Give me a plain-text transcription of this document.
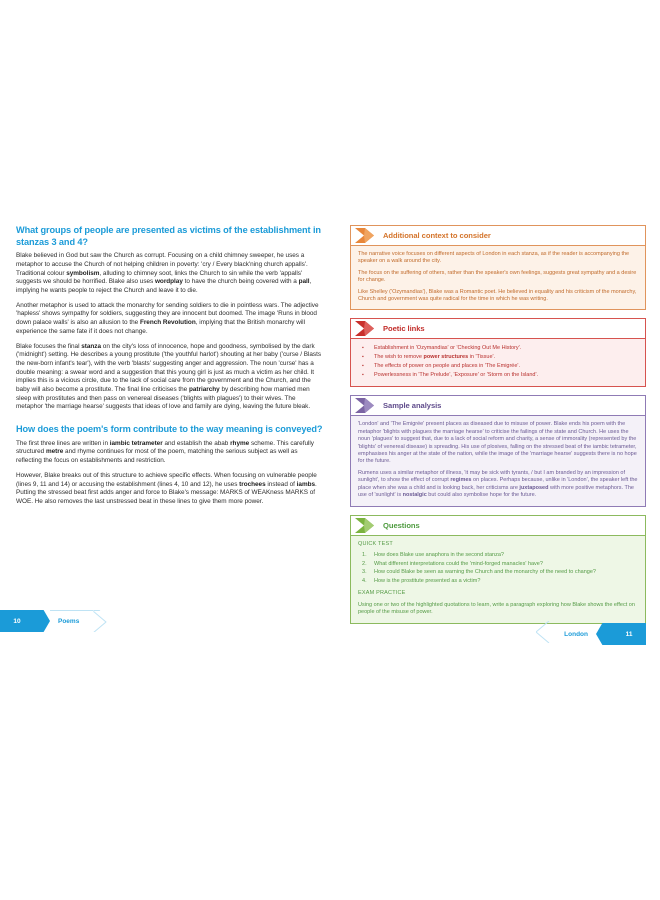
What groups of people are presented as victims of the establishment in stanzas 3 and 4?

Blake believed in God but saw the Church as corrupt. Focusing on a child chimney sweeper, he uses a metaphor to accuse the Church of not helping children in poverty: 'cry / Every black'ning church appalls'. Traditional colour symbolism, alluding to chimney soot, links the Church to sin while the verb 'appalls' suggests we should be horrified. Blake also uses wordplay to have the church being covered with a pall, implying he wants people to reject the Church and leave it to die.

Another metaphor is used to attack the monarchy for sending soldiers to die in pointless wars. The adjective 'hapless' shows sympathy for soldiers, suggesting they are innocent but doomed. The image 'Runs in blood down palace walls' is also an allusion to the French Revolution, implying that the British monarchy will experience the same fate if it does not change.

Blake focuses the final stanza on the city's loss of innocence, hope and goodness, symbolised by the dark ('midnight') setting. He describes a young prostitute ('the youthful harlot') shouting at her baby ('curse / Blasts the new-born infant's tear'), with the verb 'blasts' suggesting anger and aggression. The noun 'curse' has a double meaning: a swear word and a suggestion that this young girl is just as much a victim as her child. It implies this is a vicious circle, due to the lack of social care from the government and the Church, and the baby will also become a prostitute. The final line criticises the patriarchy by describing how married men sleep with prostitutes and then pass on venereal diseases ('blights with plagues') to their wives. The metaphor 'the marriage hearse' suggests that ideas of love and family are dying, leaving the future bleak.

How does the poem's form contribute to the way meaning is conveyed?

The first three lines are written in iambic tetrameter and establish the abab rhyme scheme. This carefully structured metre and rhyme continues for most of the poem, matching the serious subject as well as reflecting the focus on establishments and restriction.

However, Blake breaks out of this structure to achieve specific effects. When focusing on vulnerable people (lines 9, 11 and 14) or accusing the establishment (lines 4, 10 and 12), he uses trochees instead of iambs. Putting the stressed beat first adds anger and force to Blake's message: MARKS of WEAKness MARKS of WOE. He also removes the last unstressed beat in these lines to give them more power.

Additional context to consider

The narrative voice focuses on different aspects of London in each stanza, as if the reader is accompanying the speaker on a walk around the city.

The focus on the suffering of others, rather than the speaker's own feelings, suggests great sympathy and a desire for change.

Like Shelley ('Ozymandias'), Blake was a Romantic poet. He believed in equality and his criticism of the monarchy, Church and government was quite radical for the time in which he was writing.

Poetic links
▪ Establishment in 'Ozymandias' or 'Checking Out Me History'.
▪ The wish to remove power structures in 'Tissue'.
▪ The effects of power on people and places in 'The Emigrée'.
▪ Powerlessness in 'The Prelude', 'Exposure' or 'Storm on the Island'.
Sample analysis

'London' and 'The Emigrée' present places as diseased due to misuse of power. Blake ends his poem with the metaphor 'blights with plagues the marriage hearse' to criticise the failings of the state and Church. He uses the noun 'plagues' to suggest that, due to a lack of social reform and charity, a sense of immorality (represented by the 'blights' of venereal disease) is spreading. His use of plosives, falling on the stressed beat of the iambic tetrameter, emphasises his anger at the state of the nation, while the image of the 'marriage hearse' suggests there is no hope for the future.

Rumens uses a similar metaphor of illness, 'it may be sick with tyrants, / but I am branded by an impression of sunlight', to show the effect of corrupt regimes on places. Perhaps because, unlike in 'London', the speaker left the place when she was a child and is looking back, her criticisms are juxtaposed with more positive metaphors. The use of 'sunlight' is nostalgic but could also symbolise hope for the future.

Questions

QUICK TEST

How does Blake use anaphora in the second stanza?
What different interpretations could the 'mind-forged manacles' have?
How could Blake be seen as warning the Church and the monarchy of the need to change?
How is the prostitute presented as a victim?

EXAM PRACTICE

Using one or two of the highlighted quotations to learn, write a paragraph exploring how Blake shows the effect on people of the misuse of power.

10	Poems
London	11
